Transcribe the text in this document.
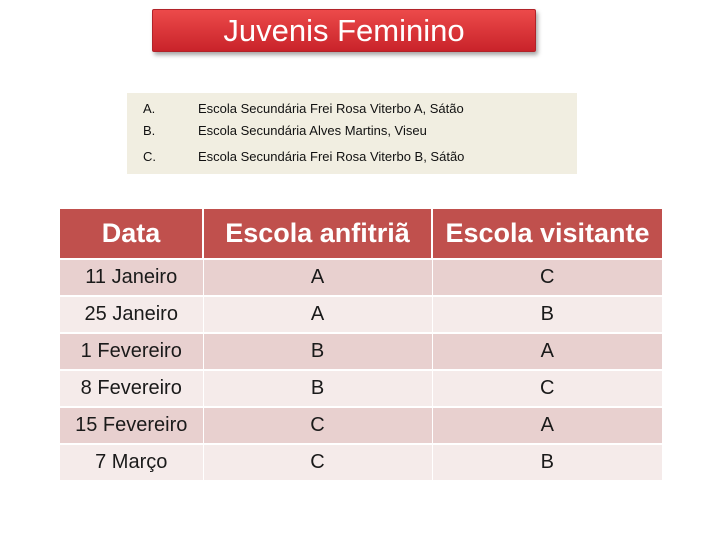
Juvenis Feminino
A.	Escola Secundária Frei Rosa Viterbo A, Sátão
B.	Escola Secundária Alves Martins, Viseu
C.	Escola Secundária Frei Rosa Viterbo B, Sátão
Data	Escola anfitriã	Escola visitante
11 Janeiro	A	C
25 Janeiro	A	B
1 Fevereiro	B	A
8 Fevereiro	B	C
15 Fevereiro	C	A
7 Março	C	B
